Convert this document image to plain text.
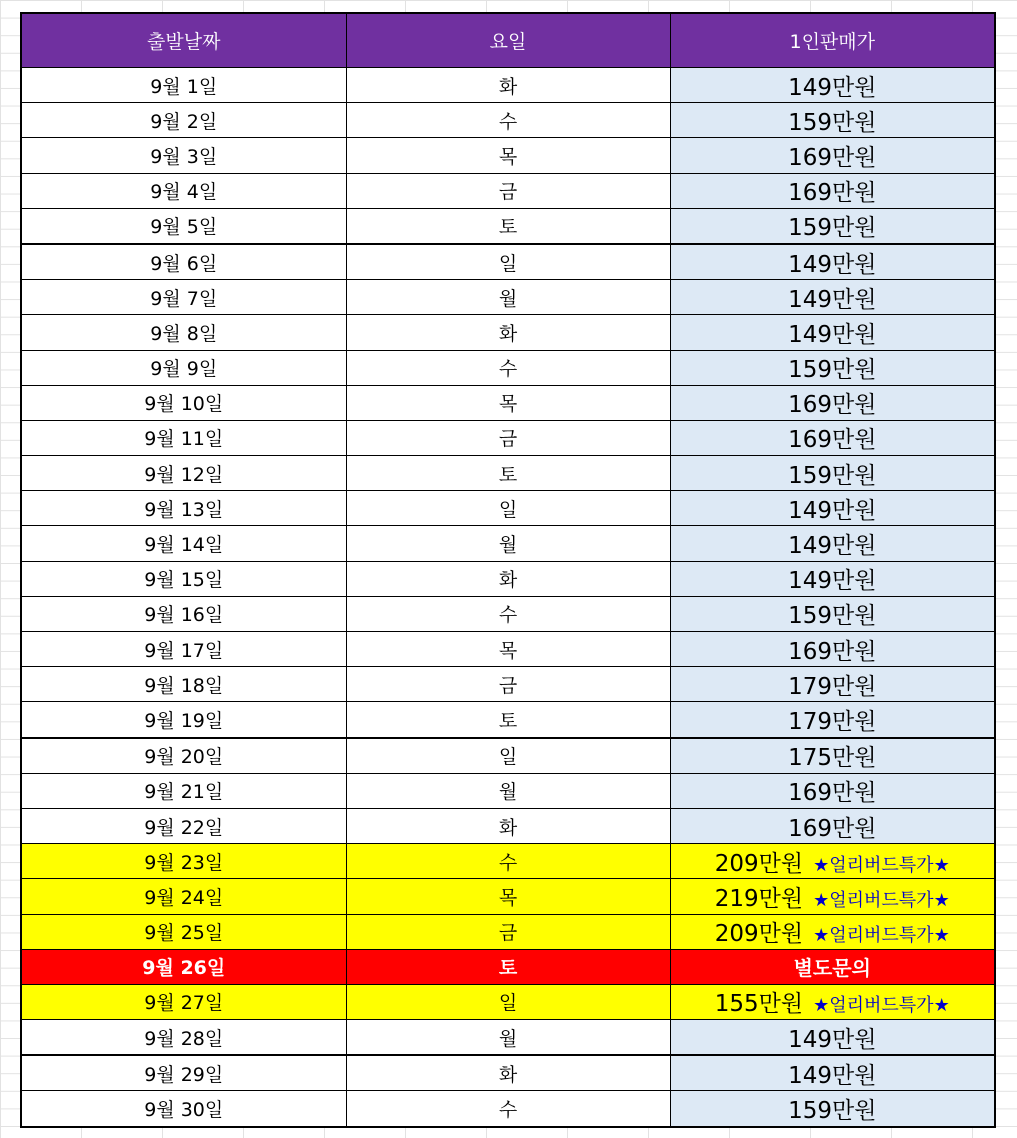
출발날짜	요일	1인판매가
9월 1일	화	149만원
9월 2일	수	159만원
9월 3일	목	169만원
9월 4일	금	169만원
9월 5일	토	159만원
9월 6일	일	149만원
9월 7일	월	149만원
9월 8일	화	149만원
9월 9일	수	159만원
9월 10일	목	169만원
9월 11일	금	169만원
9월 12일	토	159만원
9월 13일	일	149만원
9월 14일	월	149만원
9월 15일	화	149만원
9월 16일	수	159만원
9월 17일	목	169만원
9월 18일	금	179만원
9월 19일	토	179만원
9월 20일	일	175만원
9월 21일	월	169만원
9월 22일	화	169만원
9월 23일	수	209만원 ★얼리버드특가★
9월 24일	목	219만원 ★얼리버드특가★
9월 25일	금	209만원 ★얼리버드특가★
9월 26일	토	별도문의
9월 27일	일	155만원 ★얼리버드특가★
9월 28일	월	149만원
9월 29일	화	149만원
9월 30일	수	159만원
